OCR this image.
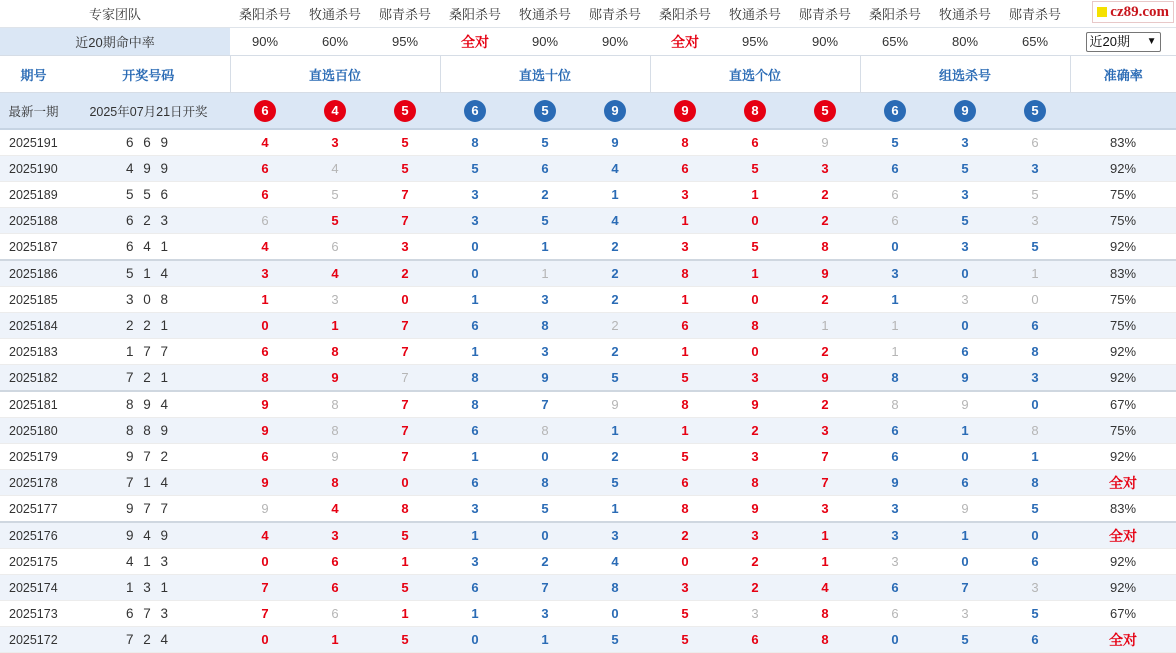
专家团队		桑阳杀号	牧通杀号	郧青杀号	桑阳杀号	牧通杀号	郧青杀号	桑阳杀号	牧通杀号	郧青杀号	桑阳杀号	牧通杀号	郧青杀号	cz89.com

近20期命中率		90%	60%	95%	全对	90%	90%	全对	95%	90%	65%	80%	65%	近20期 ▼

期号	开奖号码	直选百位			直选十位			直选个位			组选杀号			准确率
最新一期	2025年07月21日开奖	6	4	5	6	5	9	9	8	5	6	9	5	
2025191	6 6 9	4	3	5	8	5	9	8	6	9	5	3	6	83%
2025190	4 9 9	6	4	5	5	6	4	6	5	3	6	5	3	92%
2025189	5 5 6	6	5	7	3	2	1	3	1	2	6	3	5	75%
2025188	6 2 3	6	5	7	3	5	4	1	0	2	6	5	3	75%
2025187	6 4 1	4	6	3	0	1	2	3	5	8	0	3	5	92%
2025186	5 1 4	3	4	2	0	1	2	8	1	9	3	0	1	83%
2025185	3 0 8	1	3	0	1	3	2	1	0	2	1	3	0	75%
2025184	2 2 1	0	1	7	6	8	2	6	8	1	1	0	6	75%
2025183	1 7 7	6	8	7	1	3	2	1	0	2	1	6	8	92%
2025182	7 2 1	8	9	7	8	9	5	5	3	9	8	9	3	92%
2025181	8 9 4	9	8	7	8	7	9	8	9	2	8	9	0	67%
2025180	8 8 9	9	8	7	6	8	1	1	2	3	6	1	8	75%
2025179	9 7 2	6	9	7	1	0	2	5	3	7	6	0	1	92%
2025178	7 1 4	9	8	0	6	8	5	6	8	7	9	6	8	全对
2025177	9 7 7	9	4	8	3	5	1	8	9	3	3	9	5	83%
2025176	9 4 9	4	3	5	1	0	3	2	3	1	3	1	0	全对
2025175	4 1 3	0	6	1	3	2	4	0	2	1	3	0	6	92%
2025174	1 3 1	7	6	5	6	7	8	3	2	4	6	7	3	92%
2025173	6 7 3	7	6	1	1	3	0	5	3	8	6	3	5	67%
2025172	7 2 4	0	1	5	0	1	5	5	6	8	0	5	6	全对
